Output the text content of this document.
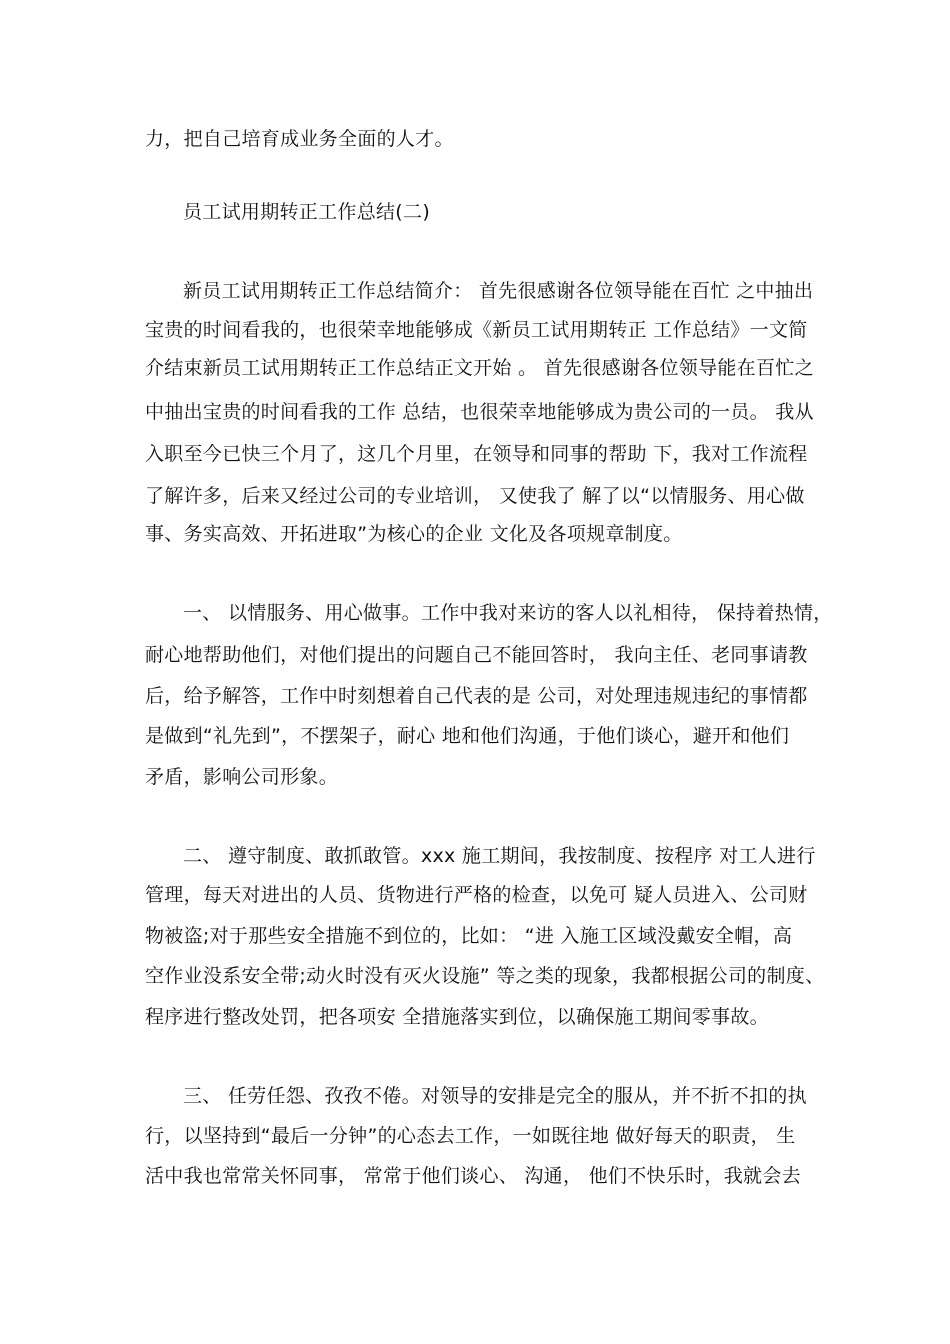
力，把自己培育成业务全面的人才。
员工试用期转正工作总结(二)
新员工试用期转正工作总结简介： 首先很感谢各位领导能在百忙 之中抽出
宝贵的时间看我的，也很荣幸地能够成《新员工试用期转正 工作总结》一文简
介结束新员工试用期转正工作总结正文开始 。 首先很感谢各位领导能在百忙之
中抽出宝贵的时间看我的工作 总结，也很荣幸地能够成为贵公司的一员。 我从
入职至今已快三个月了，这几个月里，在领导和同事的帮助 下，我对工作流程
了解许多，后来又经过公司的专业培训， 又使我了 解了以“以情服务、用心做
事、务实高效、开拓进取”为核心的企业 文化及各项规章制度。
一、 以情服务、用心做事。工作中我对来访的客人以礼相待， 保持着热情，
耐心地帮助他们，对他们提出的问题自己不能回答时， 我向主任、老同事请教
后，给予解答，工作中时刻想着自己代表的是 公司，对处理违规违纪的事情都
是做到“礼先到”，不摆架子，耐心 地和他们沟通，于他们谈心，避开和他们
矛盾，影响公司形象。
二、 遵守制度、敢抓敢管。xxx 施工期间，我按制度、按程序 对工人进行
管理，每天对进出的人员、货物进行严格的检查，以免可 疑人员进入、公司财
物被盗;对于那些安全措施不到位的，比如： “进 入施工区域没戴安全帽，高
空作业没系安全带;动火时没有灭火设施” 等之类的现象，我都根据公司的制度、
程序进行整改处罚，把各项安 全措施落实到位，以确保施工期间零事故。
三、 任劳任怨、孜孜不倦。对领导的安排是完全的服从，并不折不扣的执
行，以坚持到“最后一分钟”的心态去工作，一如既往地 做好每天的职责， 生
活中我也常常关怀同事， 常常于他们谈心、 沟通， 他们不快乐时，我就会去
